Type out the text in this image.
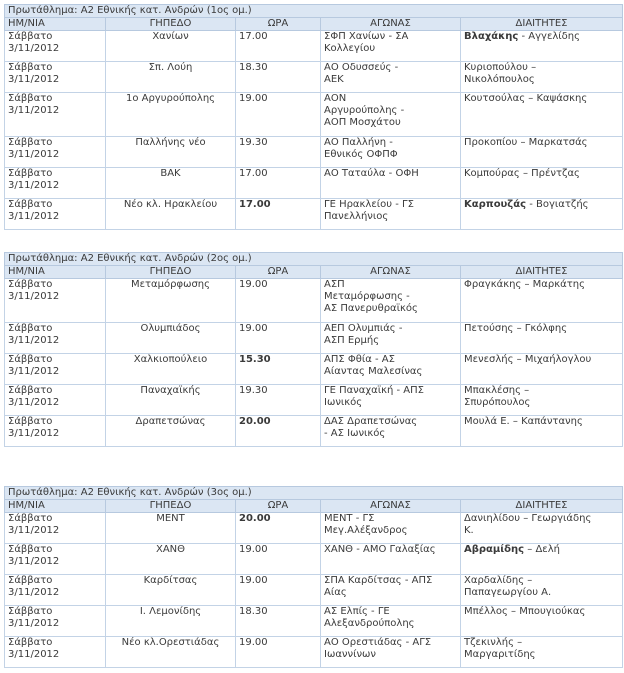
Πρωτάθλημα: Α2 Εθνικής κατ. Ανδρών (1ος ομ.)				
ΗΜ/ΝΙΑ	ΓΗΠΕΔΟ	ΩΡΑ	ΑΓΩΝΑΣ	ΔΙΑΙΤΗΤΕΣ
Σάββατο
3/11/2012	Χανίων	17.00	ΣΦΠ Χανίων - ΣΑ
Κολλεγίου	Βλαχάκης - Αγγελίδης
Σάββατο
3/11/2012	Σπ. Λούη	18.30	ΑΟ Οδυσσεύς -
ΑΕΚ	Κυριοπούλου –
Νικολόπουλος
Σάββατο
3/11/2012	1ο Αργυρούπολης	19.00	ΑΟΝ
Αργυρούπολης -
ΑΟΠ Μοσχάτου	Κουτσούλας – Καψάσκης
Σάββατο
3/11/2012	Παλλήνης νέο	19.30	ΑΟ Παλλήνη -
Εθνικός ΟΦΠΦ	Προκοπίου – Μαρκατσάς
Σάββατο
3/11/2012	ΒΑΚ	17.00	ΑΟ Ταταύλα - ΟΦΗ	Κομπούρας – Πρέντζας
Σάββατο
3/11/2012	Νέο κλ. Ηρακλείου	17.00	ΓΕ Ηρακλείου - ΓΣ
Πανελλήνιος	Καρπουζάς - Βογιατζής
Πρωτάθλημα: Α2 Εθνικής κατ. Ανδρών (2ος ομ.)				
ΗΜ/ΝΙΑ	ΓΗΠΕΔΟ	ΩΡΑ	ΑΓΩΝΑΣ	ΔΙΑΙΤΗΤΕΣ
Σάββατο
3/11/2012	Μεταμόρφωσης	19.00	ΑΣΠ
Μεταμόρφωσης -
ΑΣ Πανερυθραϊκός	Φραγκάκης – Μαρκάτης
Σάββατο
3/11/2012	Ολυμπιάδος	19.00	ΑΕΠ Ολυμπιάς -
ΑΣΠ Ερμής	Πετούσης – Γκόλφης
Σάββατο
3/11/2012	Χαλκιοπούλειο	15.30	ΑΠΣ Φθία - ΑΣ
Αίαντας Μαλεσίνας	Μενεσλής – Μιχαήλογλου
Σάββατο
3/11/2012	Παναχαϊκής	19.30	ΓΕ Παναχαϊκή - ΑΠΣ
Ιωνικός	Μπακλέσης –
Σπυρόπουλος
Σάββατο
3/11/2012	Δραπετσώνας	20.00	ΔΑΣ Δραπετσώνας
- ΑΣ Ιωνικός	Μουλά Ε. – Καπάντανης
Πρωτάθλημα: Α2 Εθνικής κατ. Ανδρών (3ος ομ.)				
ΗΜ/ΝΙΑ	ΓΗΠΕΔΟ	ΩΡΑ	ΑΓΩΝΑΣ	ΔΙΑΙΤΗΤΕΣ
Σάββατο
3/11/2012	ΜΕΝΤ	20.00	ΜΕΝΤ - ΓΣ
Μεγ.Αλέξανδρος	Δανιηλίδου – Γεωργιάδης
Κ.
Σάββατο
3/11/2012	ΧΑΝΘ	19.00	ΧΑΝΘ - ΑΜΟ Γαλαξίας	Αβραμίδης – Δελή
Σάββατο
3/11/2012	Καρδίτσας	19.00	ΣΠΑ Καρδίτσας - ΑΠΣ
Αίας	Χαρδαλίδης –
Παπαγεωργίου Α.
Σάββατο
3/11/2012	Ι. Λεμονίδης	18.30	ΑΣ Ελπίς - ΓΕ
Αλεξανδρούπολης	Μπέλλος – Μπουγιούκας
Σάββατο
3/11/2012	Νέο κλ.Ορεστιάδας	19.00	ΑΟ Ορεστιάδας - ΑΓΣ
Ιωαννίνων	Τζεκινλής –
Μαργαριτίδης
